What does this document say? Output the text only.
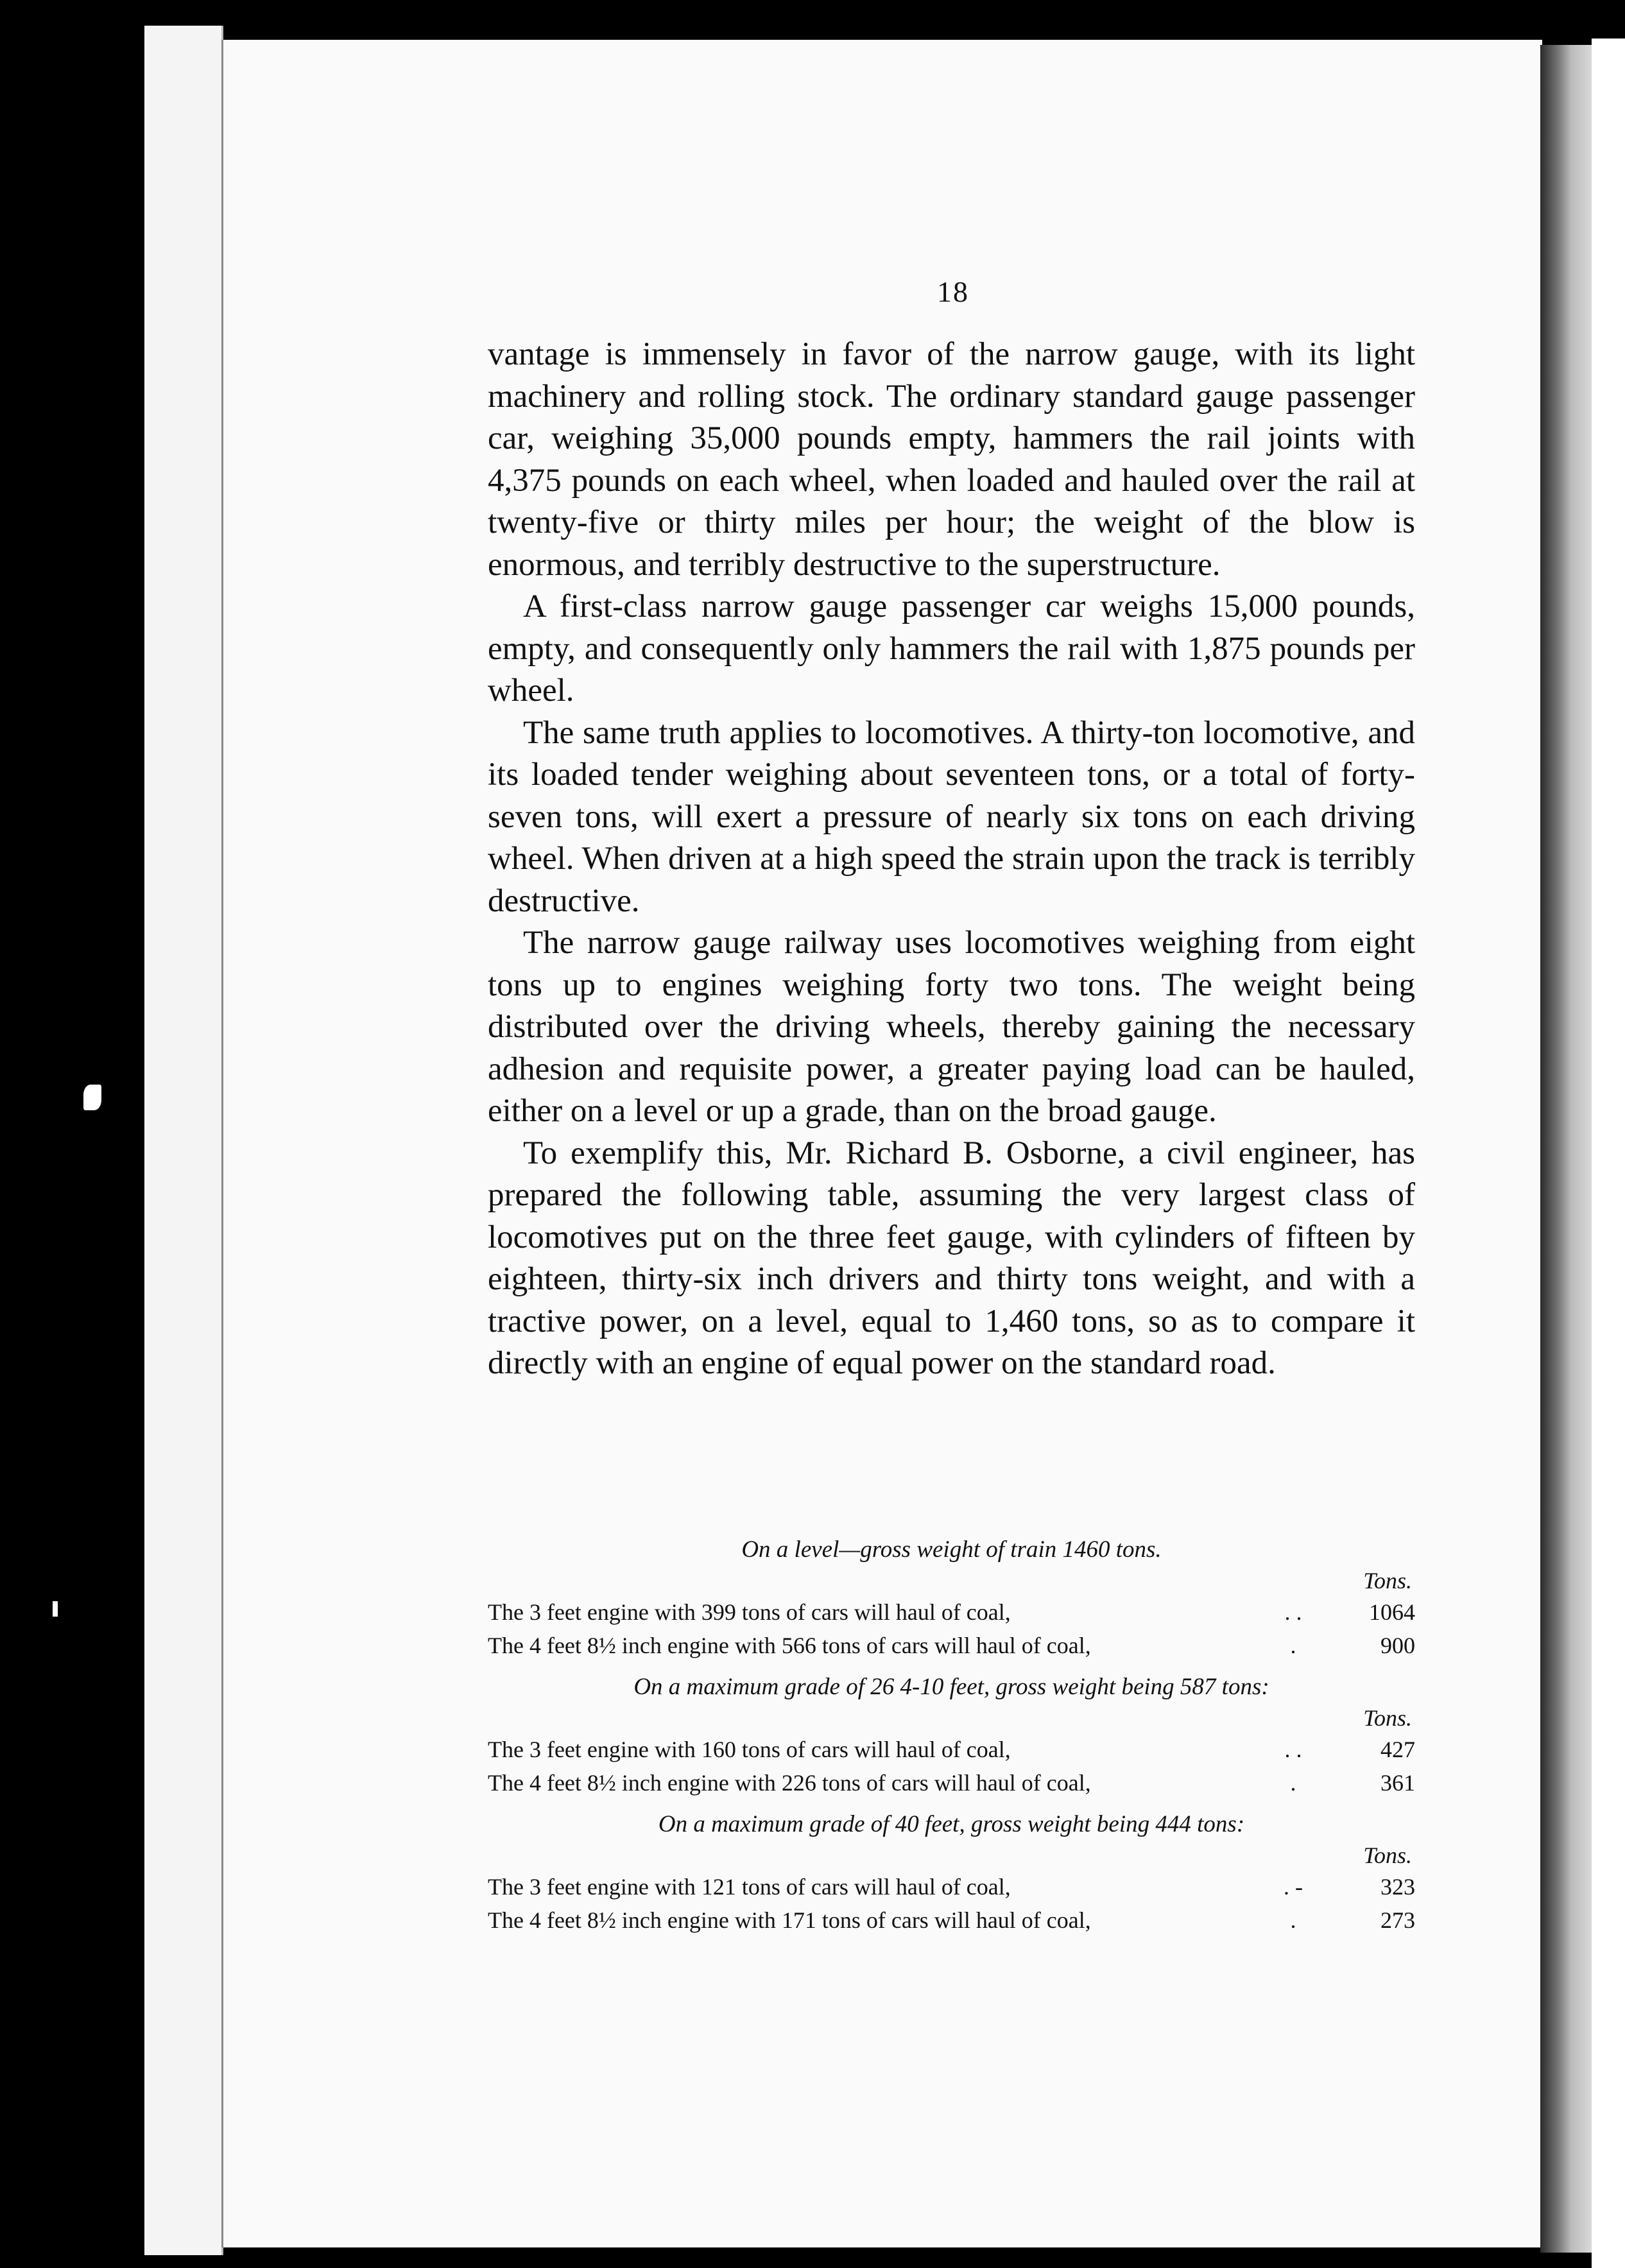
18

vantage is immensely in favor of the narrow gauge, with its light machinery and rolling stock. The ordinary standard gauge passenger car, weighing 35,000 pounds empty, hammers the rail joints with 4,375 pounds on each wheel, when loaded and hauled over the rail at twenty-five or thirty miles per hour; the weight of the blow is enormous, and terribly destructive to the superstructure.

A first-class narrow gauge passenger car weighs 15,000 pounds, empty, and consequently only hammers the rail with 1,875 pounds per wheel.

The same truth applies to locomotives. A thirty-ton locomotive, and its loaded tender weighing about seventeen tons, or a total of forty-seven tons, will exert a pressure of nearly six tons on each driving wheel. When driven at a high speed the strain upon the track is terribly destructive.

The narrow gauge railway uses locomotives weighing from eight tons up to engines weighing forty two tons. The weight being distributed over the driving wheels, thereby gaining the necessary adhesion and requisite power, a greater paying load can be hauled, either on a level or up a grade, than on the broad gauge.

To exemplify this, Mr. Richard B. Osborne, a civil engineer, has prepared the following table, assuming the very largest class of locomotives put on the three feet gauge, with cylinders of fifteen by eighteen, thirty-six inch drivers and thirty tons weight, and with a tractive power, on a level, equal to 1,460 tons, so as to compare it directly with an engine of equal power on the standard road.

On a level—gross weight of train 1460 tons.
Tons.
The 3 feet engine with 399 tons of cars will haul of coal,	. .	1064
The 4 feet 8½ inch engine with 566 tons of cars will haul of coal,	.	900
On a maximum grade of 26 4-10 feet, gross weight being 587 tons:
Tons.
The 3 feet engine with 160 tons of cars will haul of coal,	. .	427
The 4 feet 8½ inch engine with 226 tons of cars will haul of coal,	.	361
On a maximum grade of 40 feet, gross weight being 444 tons:
Tons.
The 3 feet engine with 121 tons of cars will haul of coal,	. -	323
The 4 feet 8½ inch engine with 171 tons of cars will haul of coal,	.	273
